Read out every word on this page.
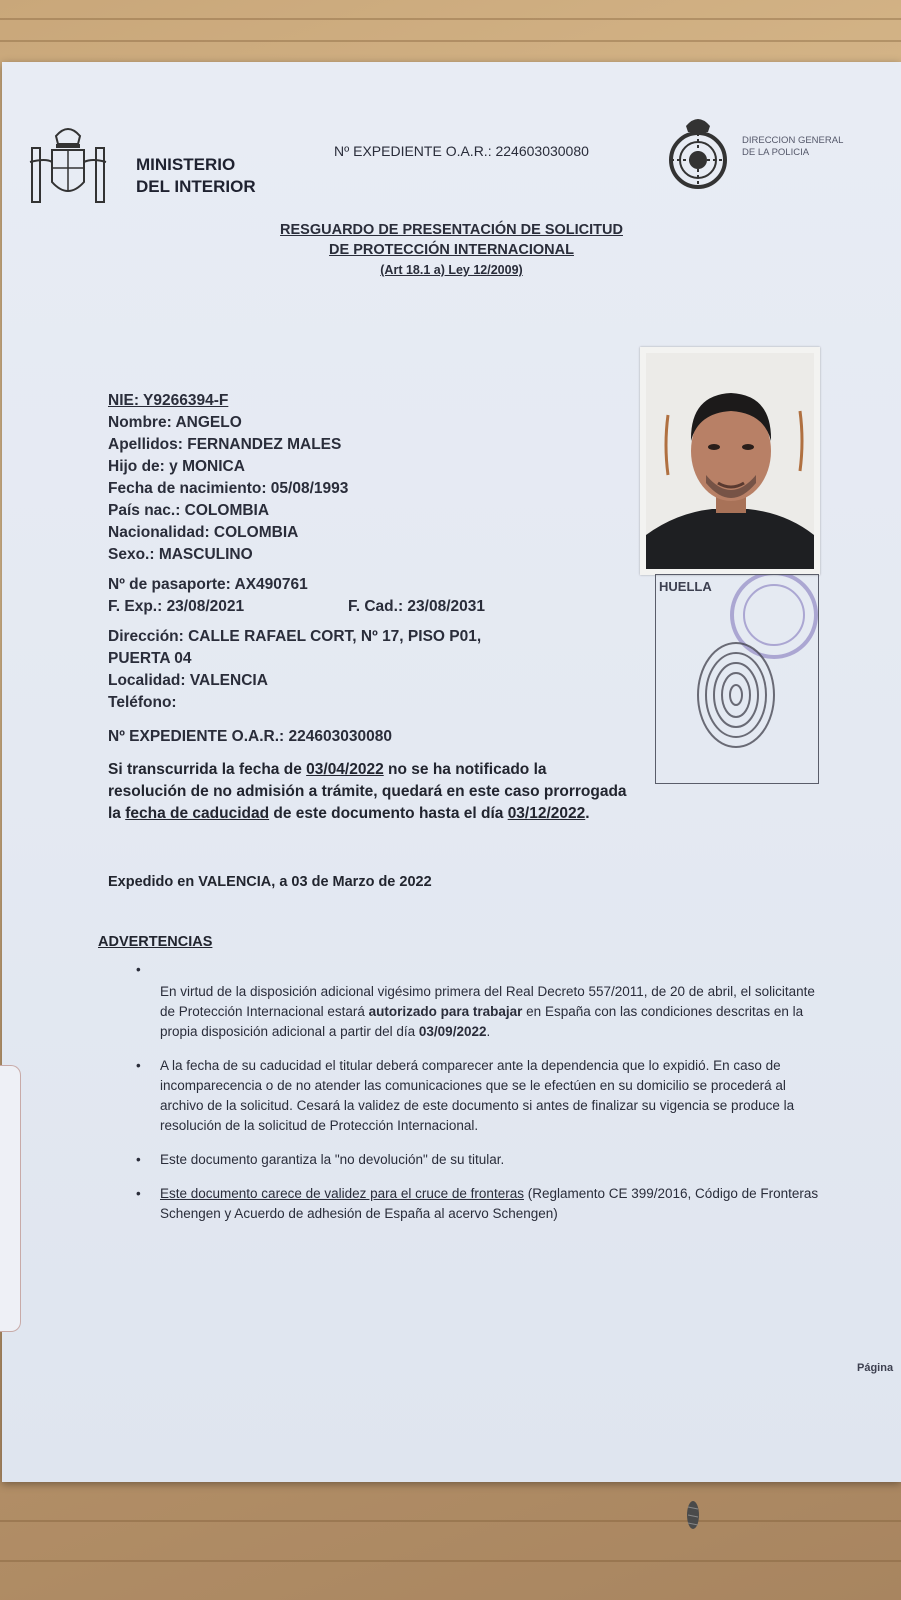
MINISTERIO
DEL INTERIOR
Nº EXPEDIENTE O.A.R.: 224603030080
DIRECCION GENERAL
DE LA POLICIA
RESGUARDO DE PRESENTACIÓN DE SOLICITUD
DE PROTECCIÓN INTERNACIONAL
(Art 18.1 a) Ley 12/2009)
HUELLA
NIE: Y9266394-F
Nombre: ANGELO
Apellidos: FERNANDEZ MALES
Hijo de: y MONICA
Fecha de nacimiento: 05/08/1993
País nac.: COLOMBIA
Nacionalidad: COLOMBIA
Sexo.: MASCULINO
Nº de pasaporte: AX490761
F. Exp.: 23/08/2021	F. Cad.: 23/08/2031
Dirección: CALLE RAFAEL CORT, Nº 17, PISO P01,
PUERTA 04
Localidad: VALENCIA
Teléfono:
Nº EXPEDIENTE O.A.R.: 224603030080
Si transcurrida la fecha de 03/04/2022 no se ha notificado la resolución de no admisión a trámite, quedará en este caso prorrogada la fecha de caducidad de este documento hasta el día 03/12/2022.
Expedido en VALENCIA, a 03 de Marzo de 2022
ADVERTENCIAS
•
En virtud de la disposición adicional vigésimo primera del Real Decreto 557/2011, de 20 de abril, el solicitante de Protección Internacional estará autorizado para trabajar en España con las condiciones descritas en la propia disposición adicional a partir del día 03/09/2022.
• A la fecha de su caducidad el titular deberá comparecer ante la dependencia que lo expidió. En caso de incomparecencia o de no atender las comunicaciones que se le efectúen en su domicilio se procederá al archivo de la solicitud. Cesará la validez de este documento si antes de finalizar su vigencia se produce la resolución de la solicitud de Protección Internacional.
• Este documento garantiza la "no devolución" de su titular.
• Este documento carece de validez para el cruce de fronteras (Reglamento CE 399/2016, Código de Fronteras Schengen y Acuerdo de adhesión de España al acervo Schengen)
Página
